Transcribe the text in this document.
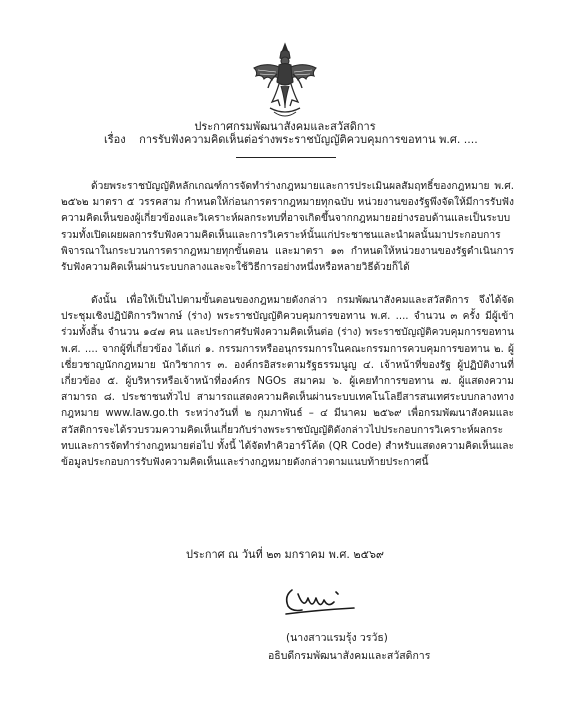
ประกาศกรมพัฒนาสังคมและสวัสดิการ
เรื่อง การรับฟังความคิดเห็นต่อร่างพระราชบัญญัติควบคุมการขอทาน พ.ศ. ....
ด้วยพระราชบัญญัติหลักเกณฑ์การจัดทำร่างกฎหมายและการประเมินผลสัมฤทธิ์ของกฎหมาย พ.ศ. ๒๕๖๒ มาตรา ๕ วรรคสาม กำหนดให้ก่อนการตรากฎหมายทุกฉบับ หน่วยงานของรัฐพึงจัดให้มีการรับฟังความคิดเห็นของผู้เกี่ยวข้องและวิเคราะห์ผลกระทบที่อาจเกิดขึ้นจากกฎหมายอย่างรอบด้านและเป็นระบบ รวมทั้งเปิดเผยผลการรับฟังความคิดเห็นและการวิเคราะห์นั้นแก่ประชาชนและนำผลนั้นมาประกอบการพิจารณาในกระบวนการตรากฎหมายทุกขั้นตอน และมาตรา ๑๓ กำหนดให้หน่วยงานของรัฐดำเนินการรับฟังความคิดเห็นผ่านระบบกลางและจะใช้วิธีการอย่างหนึ่งหรือหลายวิธีด้วยก็ได้
ดังนั้น เพื่อให้เป็นไปตามขั้นตอนของกฎหมายดังกล่าว กรมพัฒนาสังคมและสวัสดิการ จึงได้จัดประชุมเชิงปฏิบัติการวิพากษ์ (ร่าง) พระราชบัญญัติควบคุมการขอทาน พ.ศ. .... จำนวน ๓ ครั้ง มีผู้เข้าร่วมทั้งสิ้น จำนวน ๑๔๗ คน และประกาศรับฟังความคิดเห็นต่อ (ร่าง) พระราชบัญญัติควบคุมการขอทาน พ.ศ. .... จากผู้ที่เกี่ยวข้อง ได้แก่ ๑. กรรมการหรืออนุกรรมการในคณะกรรมการควบคุมการขอทาน ๒. ผู้เชี่ยวชาญนักกฎหมาย นักวิชาการ ๓. องค์กรอิสระตามรัฐธรรมนูญ ๔. เจ้าหน้าที่ของรัฐ ผู้ปฏิบัติงานที่เกี่ยวข้อง ๕. ผู้บริหารหรือเจ้าหน้าที่องค์กร NGOs สมาคม ๖. ผู้เคยทำการขอทาน ๗. ผู้แสดงความสามารถ ๘. ประชาชนทั่วไป สามารถแสดงความคิดเห็นผ่านระบบเทคโนโลยีสารสนเทศระบบกลางทางกฎหมาย www.law.go.th ระหว่างวันที่ ๒ กุมภาพันธ์ – ๔ มีนาคม ๒๕๖๙ เพื่อกรมพัฒนาสังคมและสวัสดิการจะได้รวบรวมความคิดเห็นเกี่ยวกับร่างพระราชบัญญัติดังกล่าวไปประกอบการวิเคราะห์ผลกระทบและการจัดทำร่างกฎหมายต่อไป ทั้งนี้ ได้จัดทำคิวอาร์โค้ด (QR Code) สำหรับแสดงความคิดเห็นและข้อมูลประกอบการรับฟังความคิดเห็นและร่างกฎหมายดังกล่าวตามแนบท้ายประกาศนี้
ประกาศ ณ วันที่ ๒๓ มกราคม พ.ศ. ๒๕๖๙
(นางสาวแรมรุ้ง วรวัธ)
อธิบดีกรมพัฒนาสังคมและสวัสดิการ
